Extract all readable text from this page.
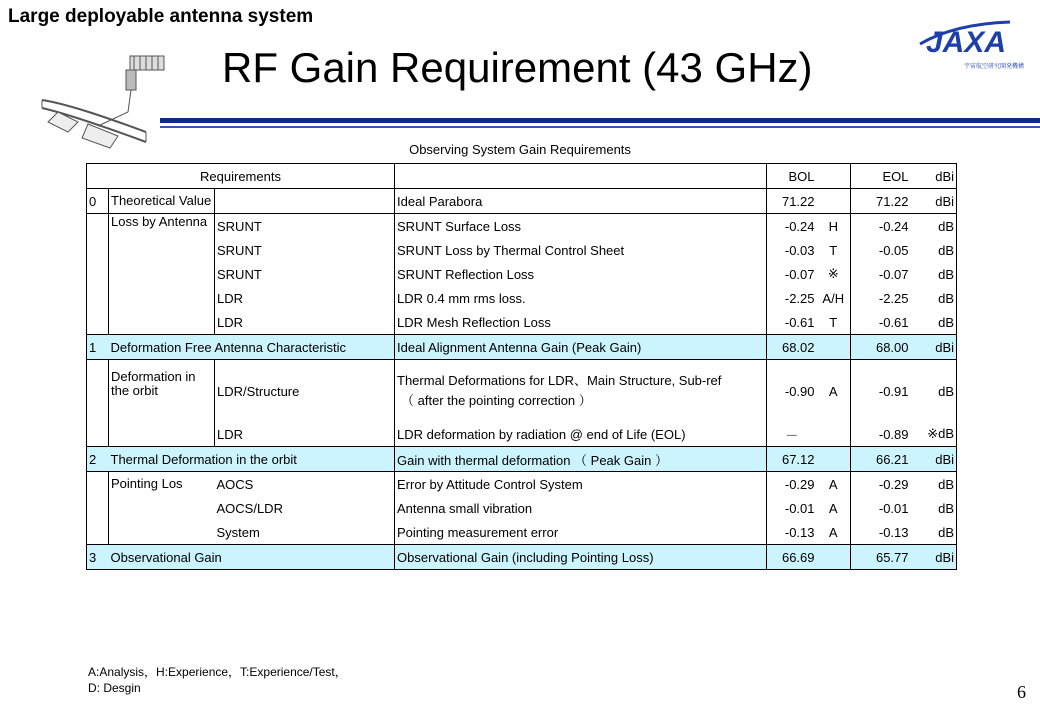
Large deployable antenna system
RF Gain Requirement (43 GHz)
JAXA
宇宙航空研究開発機構
Observing System Gain Requirements
Requirements				BOL		EOL	dBi
0	Theoretical Value		Ideal Parabora	71.22		71.22	dBi
	Loss by Antenna	SRUNT	SRUNT Surface Loss	-0.24	H	-0.24	dB
		SRUNT	SRUNT Loss by Thermal Control Sheet	-0.03	T	-0.05	dB
		SRUNT	SRUNT Reflection Loss	-0.07	※	-0.07	dB
		LDR	LDR 0.4 mm rms loss.	-2.25	A/H	-2.25	dB
		LDR	LDR Mesh Reflection Loss	-0.61	T	-0.61	dB
1	Deformation Free Antenna Characteristic		Ideal Alignment Antenna Gain (Peak Gain)	68.02		68.00	dBi
	Deformation in the orbit	LDR/Structure	Thermal Deformations for LDR、Main Structure, Sub-ref
（ after the pointing correction ）	-0.90	A	-0.91	dB
		LDR	LDR deformation by radiation @ end of Life (EOL)	－		-0.89	※dB
2	Thermal Deformation in the orbit		Gain with thermal deformation （ Peak Gain ）	67.12		66.21	dBi
	Pointing Los	AOCS	Error by Attitude Control System	-0.29	A	-0.29	dB
		AOCS/LDR	Antenna small vibration	-0.01	A	-0.01	dB
		System	Pointing measurement error	-0.13	A	-0.13	dB
3	Observational Gain		Observational Gain (including Pointing Loss)	66.69		65.77	dBi
A:Analysis，H:Experience，T:Experience/Test，
D: Desgin	6
